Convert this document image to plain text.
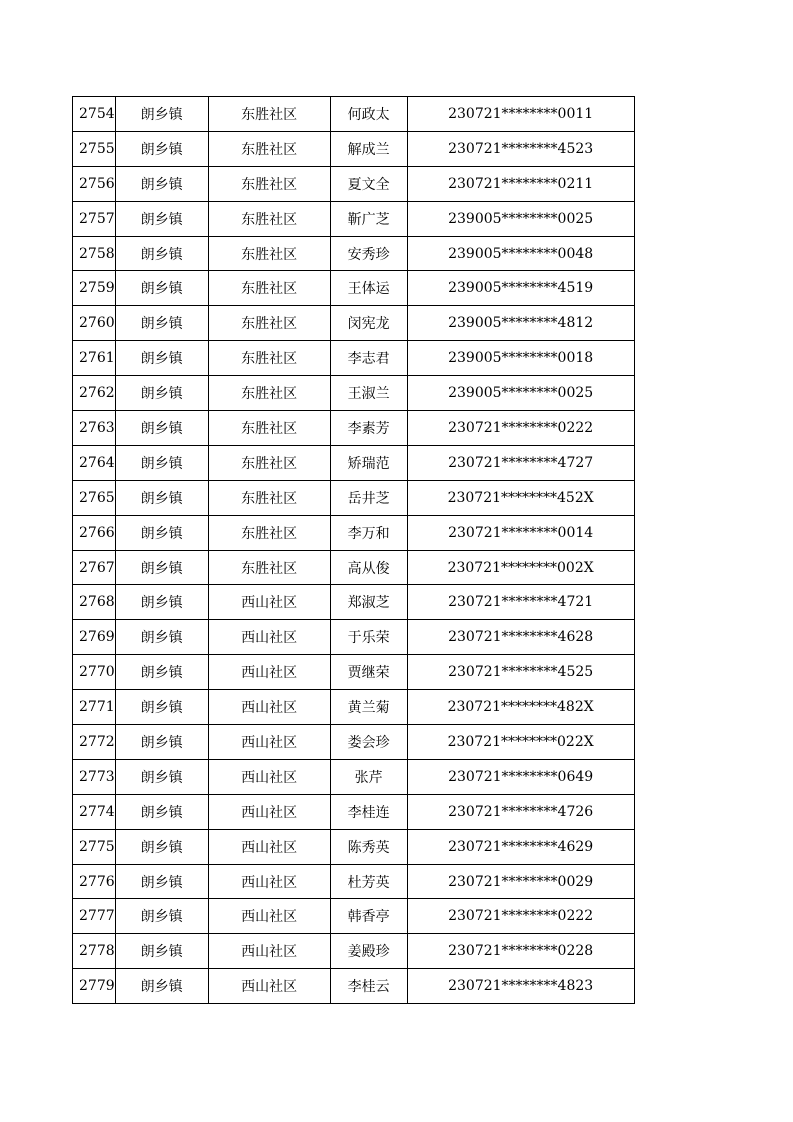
2754	朗乡镇	东胜社区	何政太	230721********0011
2755	朗乡镇	东胜社区	解成兰	230721********4523
2756	朗乡镇	东胜社区	夏文全	230721********0211
2757	朗乡镇	东胜社区	靳广芝	239005********0025
2758	朗乡镇	东胜社区	安秀珍	239005********0048
2759	朗乡镇	东胜社区	王体运	239005********4519
2760	朗乡镇	东胜社区	闵宪龙	239005********4812
2761	朗乡镇	东胜社区	李志君	239005********0018
2762	朗乡镇	东胜社区	王淑兰	239005********0025
2763	朗乡镇	东胜社区	李素芳	230721********0222
2764	朗乡镇	东胜社区	矫瑞范	230721********4727
2765	朗乡镇	东胜社区	岳井芝	230721********452X
2766	朗乡镇	东胜社区	李万和	230721********0014
2767	朗乡镇	东胜社区	高从俊	230721********002X
2768	朗乡镇	西山社区	郑淑芝	230721********4721
2769	朗乡镇	西山社区	于乐荣	230721********4628
2770	朗乡镇	西山社区	贾继荣	230721********4525
2771	朗乡镇	西山社区	黄兰菊	230721********482X
2772	朗乡镇	西山社区	娄会珍	230721********022X
2773	朗乡镇	西山社区	张芹	230721********0649
2774	朗乡镇	西山社区	李桂连	230721********4726
2775	朗乡镇	西山社区	陈秀英	230721********4629
2776	朗乡镇	西山社区	杜芳英	230721********0029
2777	朗乡镇	西山社区	韩香亭	230721********0222
2778	朗乡镇	西山社区	姜殿珍	230721********0228
2779	朗乡镇	西山社区	李桂云	230721********4823
